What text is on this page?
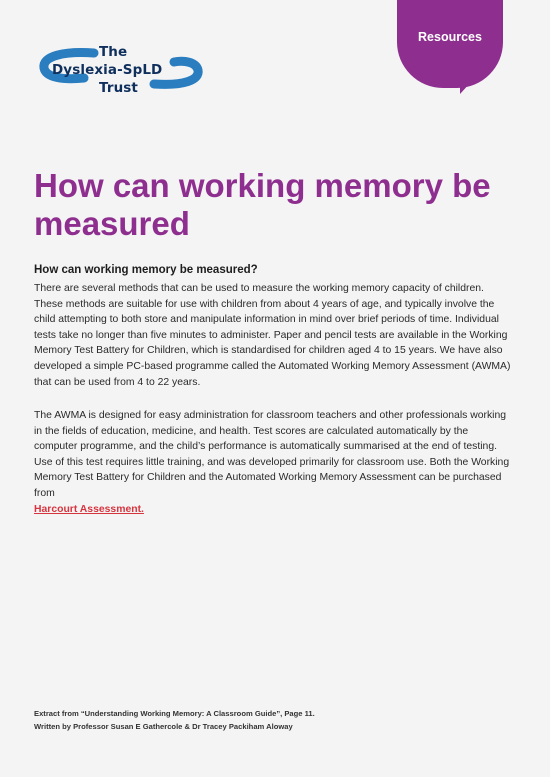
Resources
The
Dyslexia-SpLD
Trust
How can working memory be measured
How can working memory be measured?

There are several methods that can be used to measure the working memory capacity of children. These methods are suitable for use with children from about 4 years of age, and typically involve the child attempting to both store and manipulate information in mind over brief periods of time. Individual tests take no longer than five minutes to administer. Paper and pencil tests are available in the Working Memory Test Battery for Children, which is standardised for children aged 4 to 15 years. We have also developed a simple PC-based programme called the Automated Working Memory Assessment (AWMA) that can be used from 4 to 22 years.

The AWMA is designed for easy administration for classroom teachers and other professionals working in the fields of education, medicine, and health. Test scores are calculated automatically by the computer programme, and the child’s performance is automatically summarised at the end of testing. Use of this test requires little training, and was developed primarily for classroom use. Both the Working Memory Test Battery for Children and the Automated Working Memory Assessment can be purchased from
Harcourt Assessment.

Extract from “Understanding Working Memory: A Classroom Guide”, Page 11.

Written by Professor Susan E Gathercole & Dr Tracey Packiham Aloway
